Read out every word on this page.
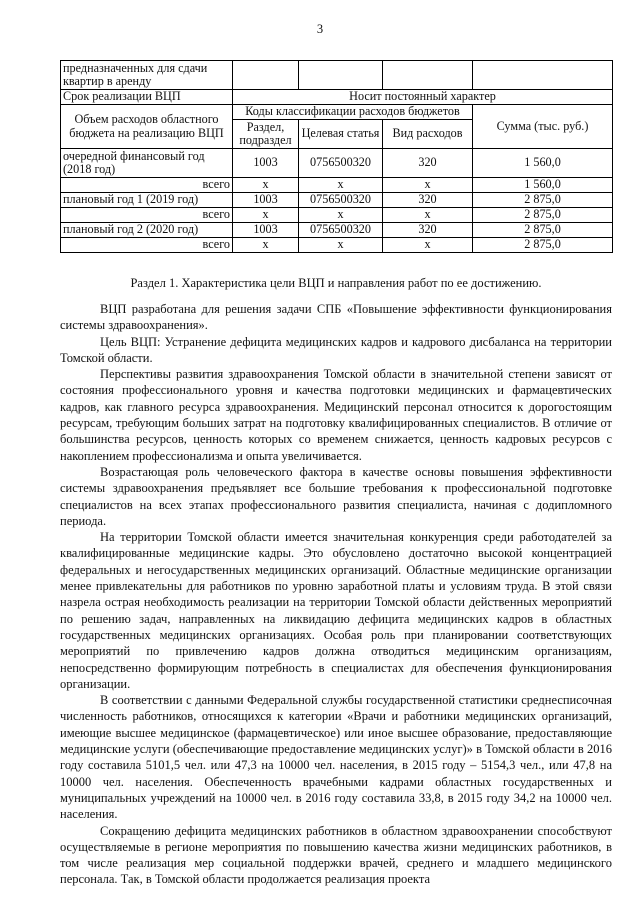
3
предназначенных для сдачи квартир в аренду				
Срок реализации ВЦП	Носит постоянный характер			
Объем расходов областного бюджета на реализацию ВЦП	Коды классификации расходов бюджетов			Сумма (тыс. руб.)
	Раздел, подраздел	Целевая статья	Вид расходов	
очередной финансовый год (2018 год)	1003	0756500320	320	1 560,0
всего	x	x	x	1 560,0
плановый год 1 (2019 год)	1003	0756500320	320	2 875,0
всего	x	x	x	2 875,0
плановый год 2 (2020 год)	1003	0756500320	320	2 875,0
всего	x	x	x	2 875,0
Раздел 1. Характеристика цели ВЦП и направления работ по ее достижению.

ВЦП разработана для решения задачи СПБ «Повышение эффективности функционирования системы здравоохранения».

Цель ВЦП: Устранение дефицита медицинских кадров и кадрового дисбаланса на территории Томской области.

Перспективы развития здравоохранения Томской области в значительной степени зависят от состояния профессионального уровня и качества подготовки медицинских и фармацевтических кадров, как главного ресурса здравоохранения. Медицинский персонал относится к дорогостоящим ресурсам, требующим больших затрат на подготовку квалифицированных специалистов. В отличие от большинства ресурсов, ценность которых со временем снижается, ценность кадровых ресурсов с накоплением профессионализма и опыта увеличивается.

Возрастающая роль человеческого фактора в качестве основы повышения эффективности системы здравоохранения предъявляет все большие требования к профессиональной подготовке специалистов на всех этапах профессионального развития специалиста, начиная с додипломного периода.

На территории Томской области имеется значительная конкуренция среди работодателей за квалифицированные медицинские кадры. Это обусловлено достаточно высокой концентрацией федеральных и негосударственных медицинских организаций. Областные медицинские организации менее привлекательны для работников по уровню заработной платы и условиям труда. В этой связи назрела острая необходимость реализации на территории Томской области действенных мероприятий по решению задач, направленных на ликвидацию дефицита медицинских кадров в областных государственных медицинских организациях. Особая роль при планировании соответствующих мероприятий по привлечению кадров должна отводиться медицинским организациям, непосредственно формирующим потребность в специалистах для обеспечения функционирования организации.

В соответствии с данными Федеральной службы государственной статистики среднесписочная численность работников, относящихся к категории «Врачи и работники медицинских организаций, имеющие высшее медицинское (фармацевтическое) или иное высшее образование, предоставляющие медицинские услуги (обеспечивающие предоставление медицинских услуг)» в Томской области в 2016 году составила 5101,5 чел. или 47,3 на 10000 чел. населения, в 2015 году – 5154,3 чел., или 47,8 на 10000 чел. населения. Обеспеченность врачебными кадрами областных государственных и муниципальных учреждений на 10000 чел. в 2016 году составила 33,8, в 2015 году 34,2 на 10000 чел. населения.

Сокращению дефицита медицинских работников в областном здравоохранении способствуют осуществляемые в регионе мероприятия по повышению качества жизни медицинских работников, в том числе реализация мер социальной поддержки врачей, среднего и младшего медицинского персонала. Так, в Томской области продолжается реализация проекта
